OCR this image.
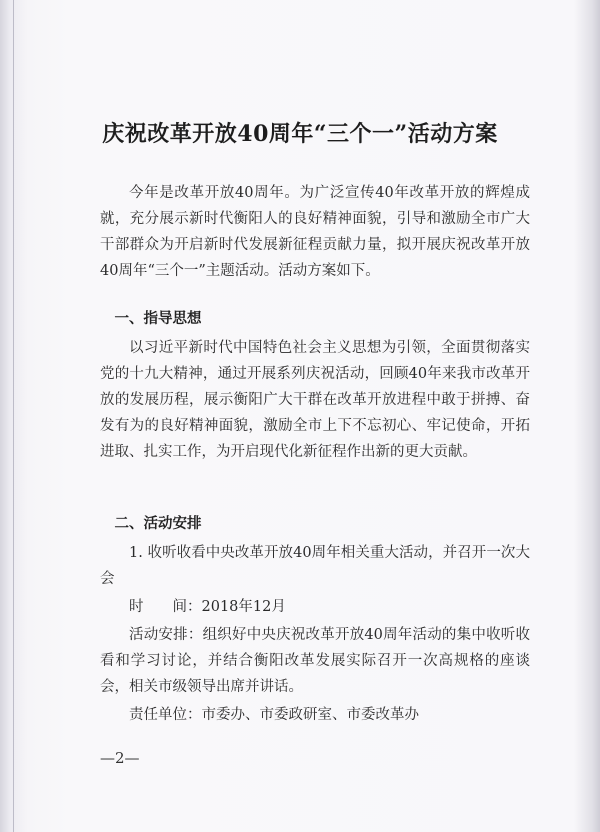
庆祝改革开放40周年“三个一”活动方案

今年是改革开放40周年。为广泛宣传40年改革开放的辉煌成就，充分展示新时代衡阳人的良好精神面貌，引导和激励全市广大干部群众为开启新时代发展新征程贡献力量，拟开展庆祝改革开放40周年“三个一”主题活动。活动方案如下。

一、指导思想

以习近平新时代中国特色社会主义思想为引领，全面贯彻落实党的十九大精神，通过开展系列庆祝活动，回顾40年来我市改革开放的发展历程，展示衡阳广大干群在改革开放进程中敢于拼搏、奋发有为的良好精神面貌，激励全市上下不忘初心、牢记使命，开拓进取、扎实工作，为开启现代化新征程作出新的更大贡献。

二、活动安排

1. 收听收看中央改革开放40周年相关重大活动，并召开一次大会

时　　间：2018年12月

活动安排：组织好中央庆祝改革开放40周年活动的集中收听收看和学习讨论，并结合衡阳改革发展实际召开一次高规格的座谈会，相关市级领导出席并讲话。

责任单位：市委办、市委政研室、市委改革办

—2—
